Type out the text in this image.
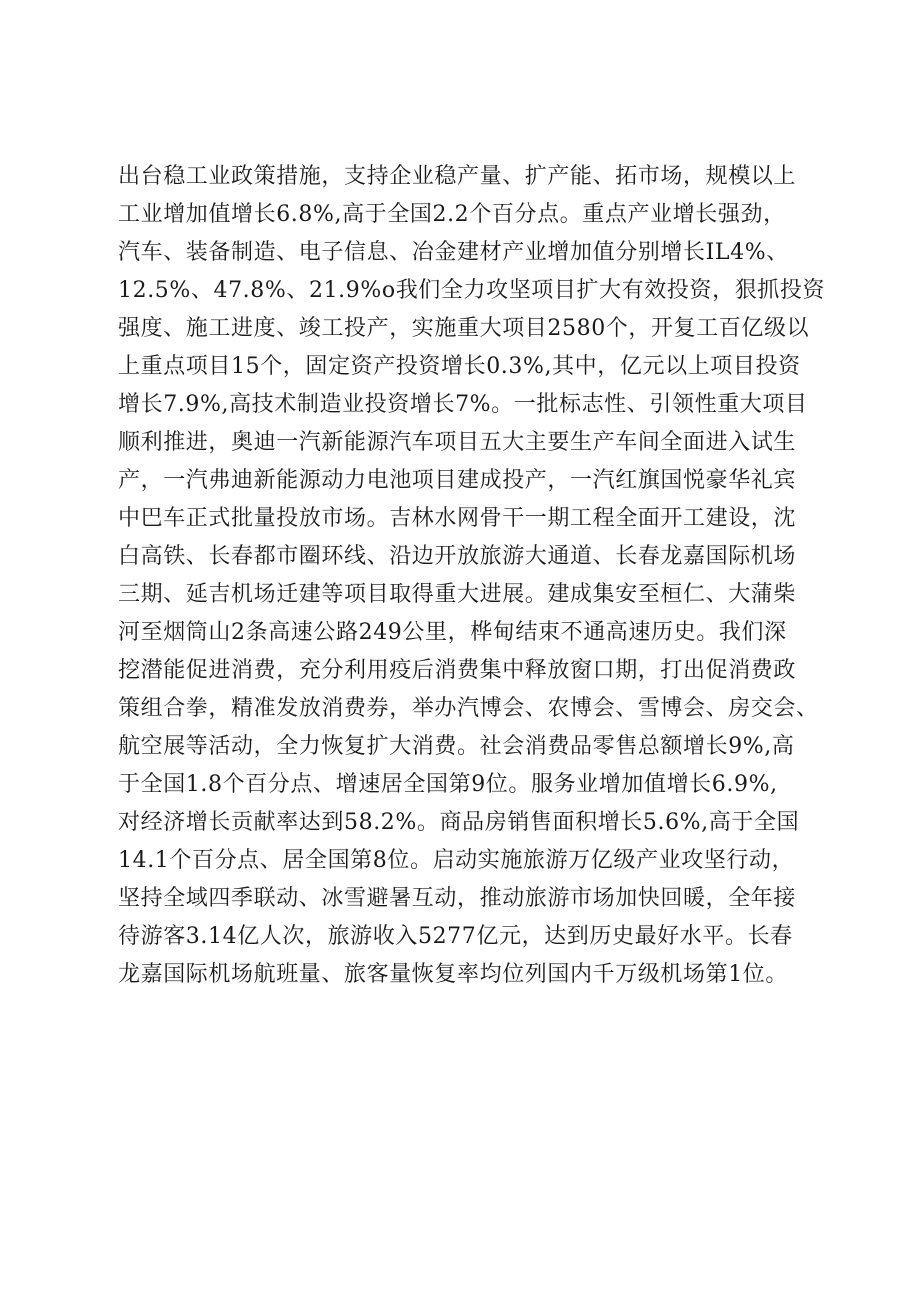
出台稳工业政策措施，支持企业稳产量、扩产能、拓市场，规模以上
工业增加值增长6.8%,高于全国2.2个百分点。重点产业增长强劲，
汽车、装备制造、电子信息、冶金建材产业增加值分别增长IL4%、
12.5%、47.8%、21.9%o我们全力攻坚项目扩大有效投资，狠抓投资
强度、施工进度、竣工投产，实施重大项目2580个，开复工百亿级以
上重点项目15个，固定资产投资增长0.3%,其中，亿元以上项目投资
增长7.9%,高技术制造业投资增长7%。一批标志性、引领性重大项目
顺利推进，奥迪一汽新能源汽车项目五大主要生产车间全面进入试生
产，一汽弗迪新能源动力电池项目建成投产，一汽红旗国悦豪华礼宾
中巴车正式批量投放市场。吉林水网骨干一期工程全面开工建设，沈
白高铁、长春都市圈环线、沿边开放旅游大通道、长春龙嘉国际机场
三期、延吉机场迁建等项目取得重大进展。建成集安至桓仁、大蒲柴
河至烟筒山2条高速公路249公里，桦甸结束不通高速历史。我们深
挖潜能促进消费，充分利用疫后消费集中释放窗口期，打出促消费政
策组合拳，精准发放消费券，举办汽博会、农博会、雪博会、房交会、
航空展等活动，全力恢复扩大消费。社会消费品零售总额增长9%,高
于全国1.8个百分点、增速居全国第9位。服务业增加值增长6.9%,
对经济增长贡献率达到58.2%。商品房销售面积增长5.6%,高于全国
14.1个百分点、居全国第8位。启动实施旅游万亿级产业攻坚行动，
坚持全域四季联动、冰雪避暑互动，推动旅游市场加快回暖，全年接
待游客3.14亿人次，旅游收入5277亿元，达到历史最好水平。长春
龙嘉国际机场航班量、旅客量恢复率均位列国内千万级机场第1位。
